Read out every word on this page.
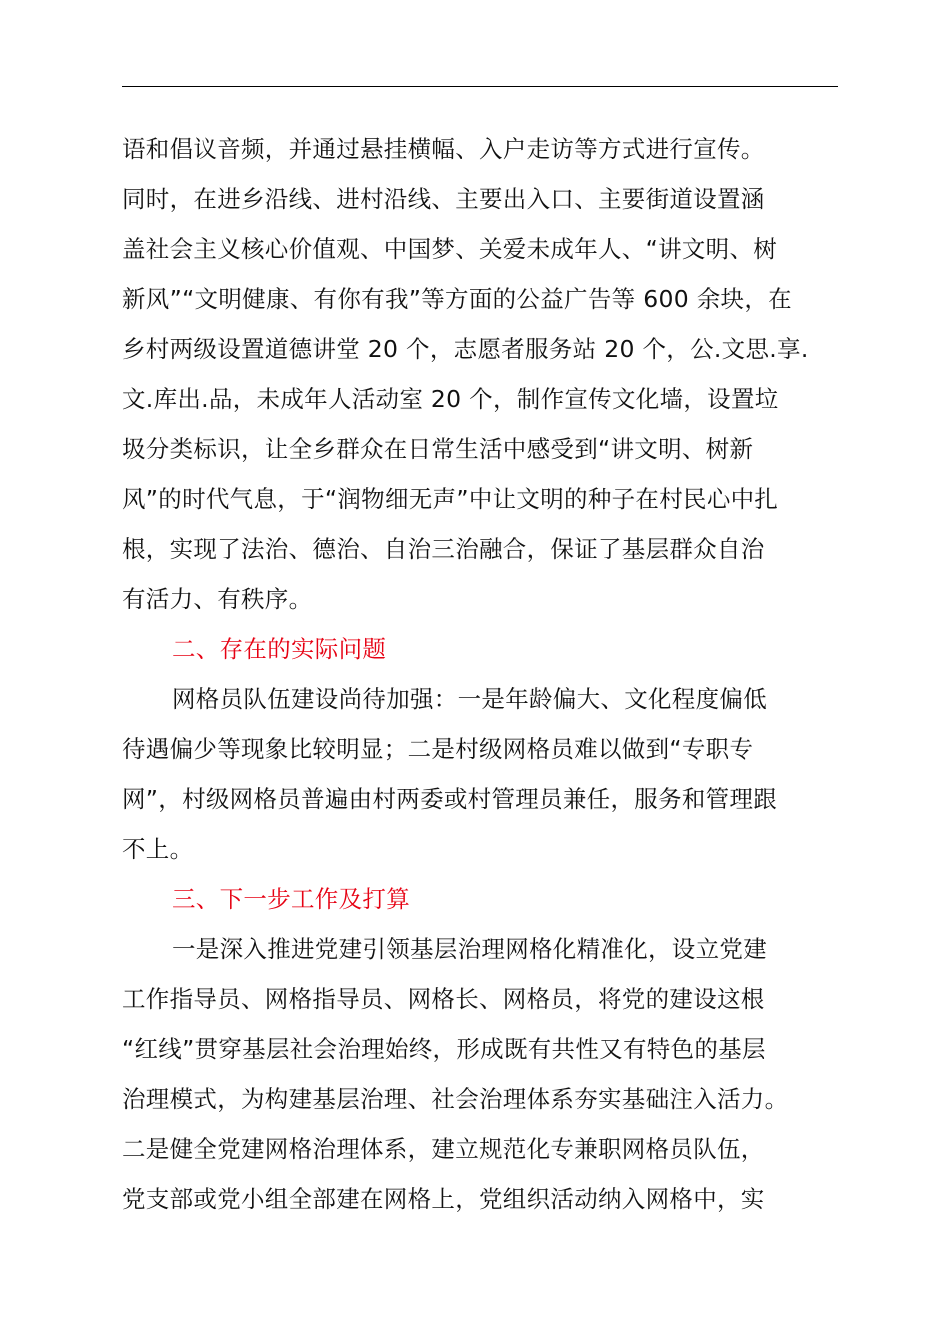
语和倡议音频，并通过悬挂横幅、入户走访等方式进行宣传。
同时，在进乡沿线、进村沿线、主要出入口、主要街道设置涵
盖社会主义核心价值观、中国梦、关爱未成年人、“讲文明、树
新风”“文明健康、有你有我”等方面的公益广告等 600 余块，在
乡村两级设置道德讲堂 20 个，志愿者服务站 20 个，公.文思.享.
文.库出.品，未成年人活动室 20 个，制作宣传文化墙，设置垃
圾分类标识，让全乡群众在日常生活中感受到“讲文明、树新
风”的时代气息，于“润物细无声”中让文明的种子在村民心中扎
根，实现了法治、德治、自治三治融合，保证了基层群众自治
有活力、有秩序。
二、存在的实际问题
网格员队伍建设尚待加强：一是年龄偏大、文化程度偏低
待遇偏少等现象比较明显；二是村级网格员难以做到“专职专
网”，村级网格员普遍由村两委或村管理员兼任，服务和管理跟
不上。
三、下一步工作及打算
一是深入推进党建引领基层治理网格化精准化，设立党建
工作指导员、网格指导员、网格长、网格员，将党的建设这根
“红线”贯穿基层社会治理始终，形成既有共性又有特色的基层
治理模式，为构建基层治理、社会治理体系夯实基础注入活力。
二是健全党建网格治理体系，建立规范化专兼职网格员队伍，
党支部或党小组全部建在网格上，党组织活动纳入网格中，实
